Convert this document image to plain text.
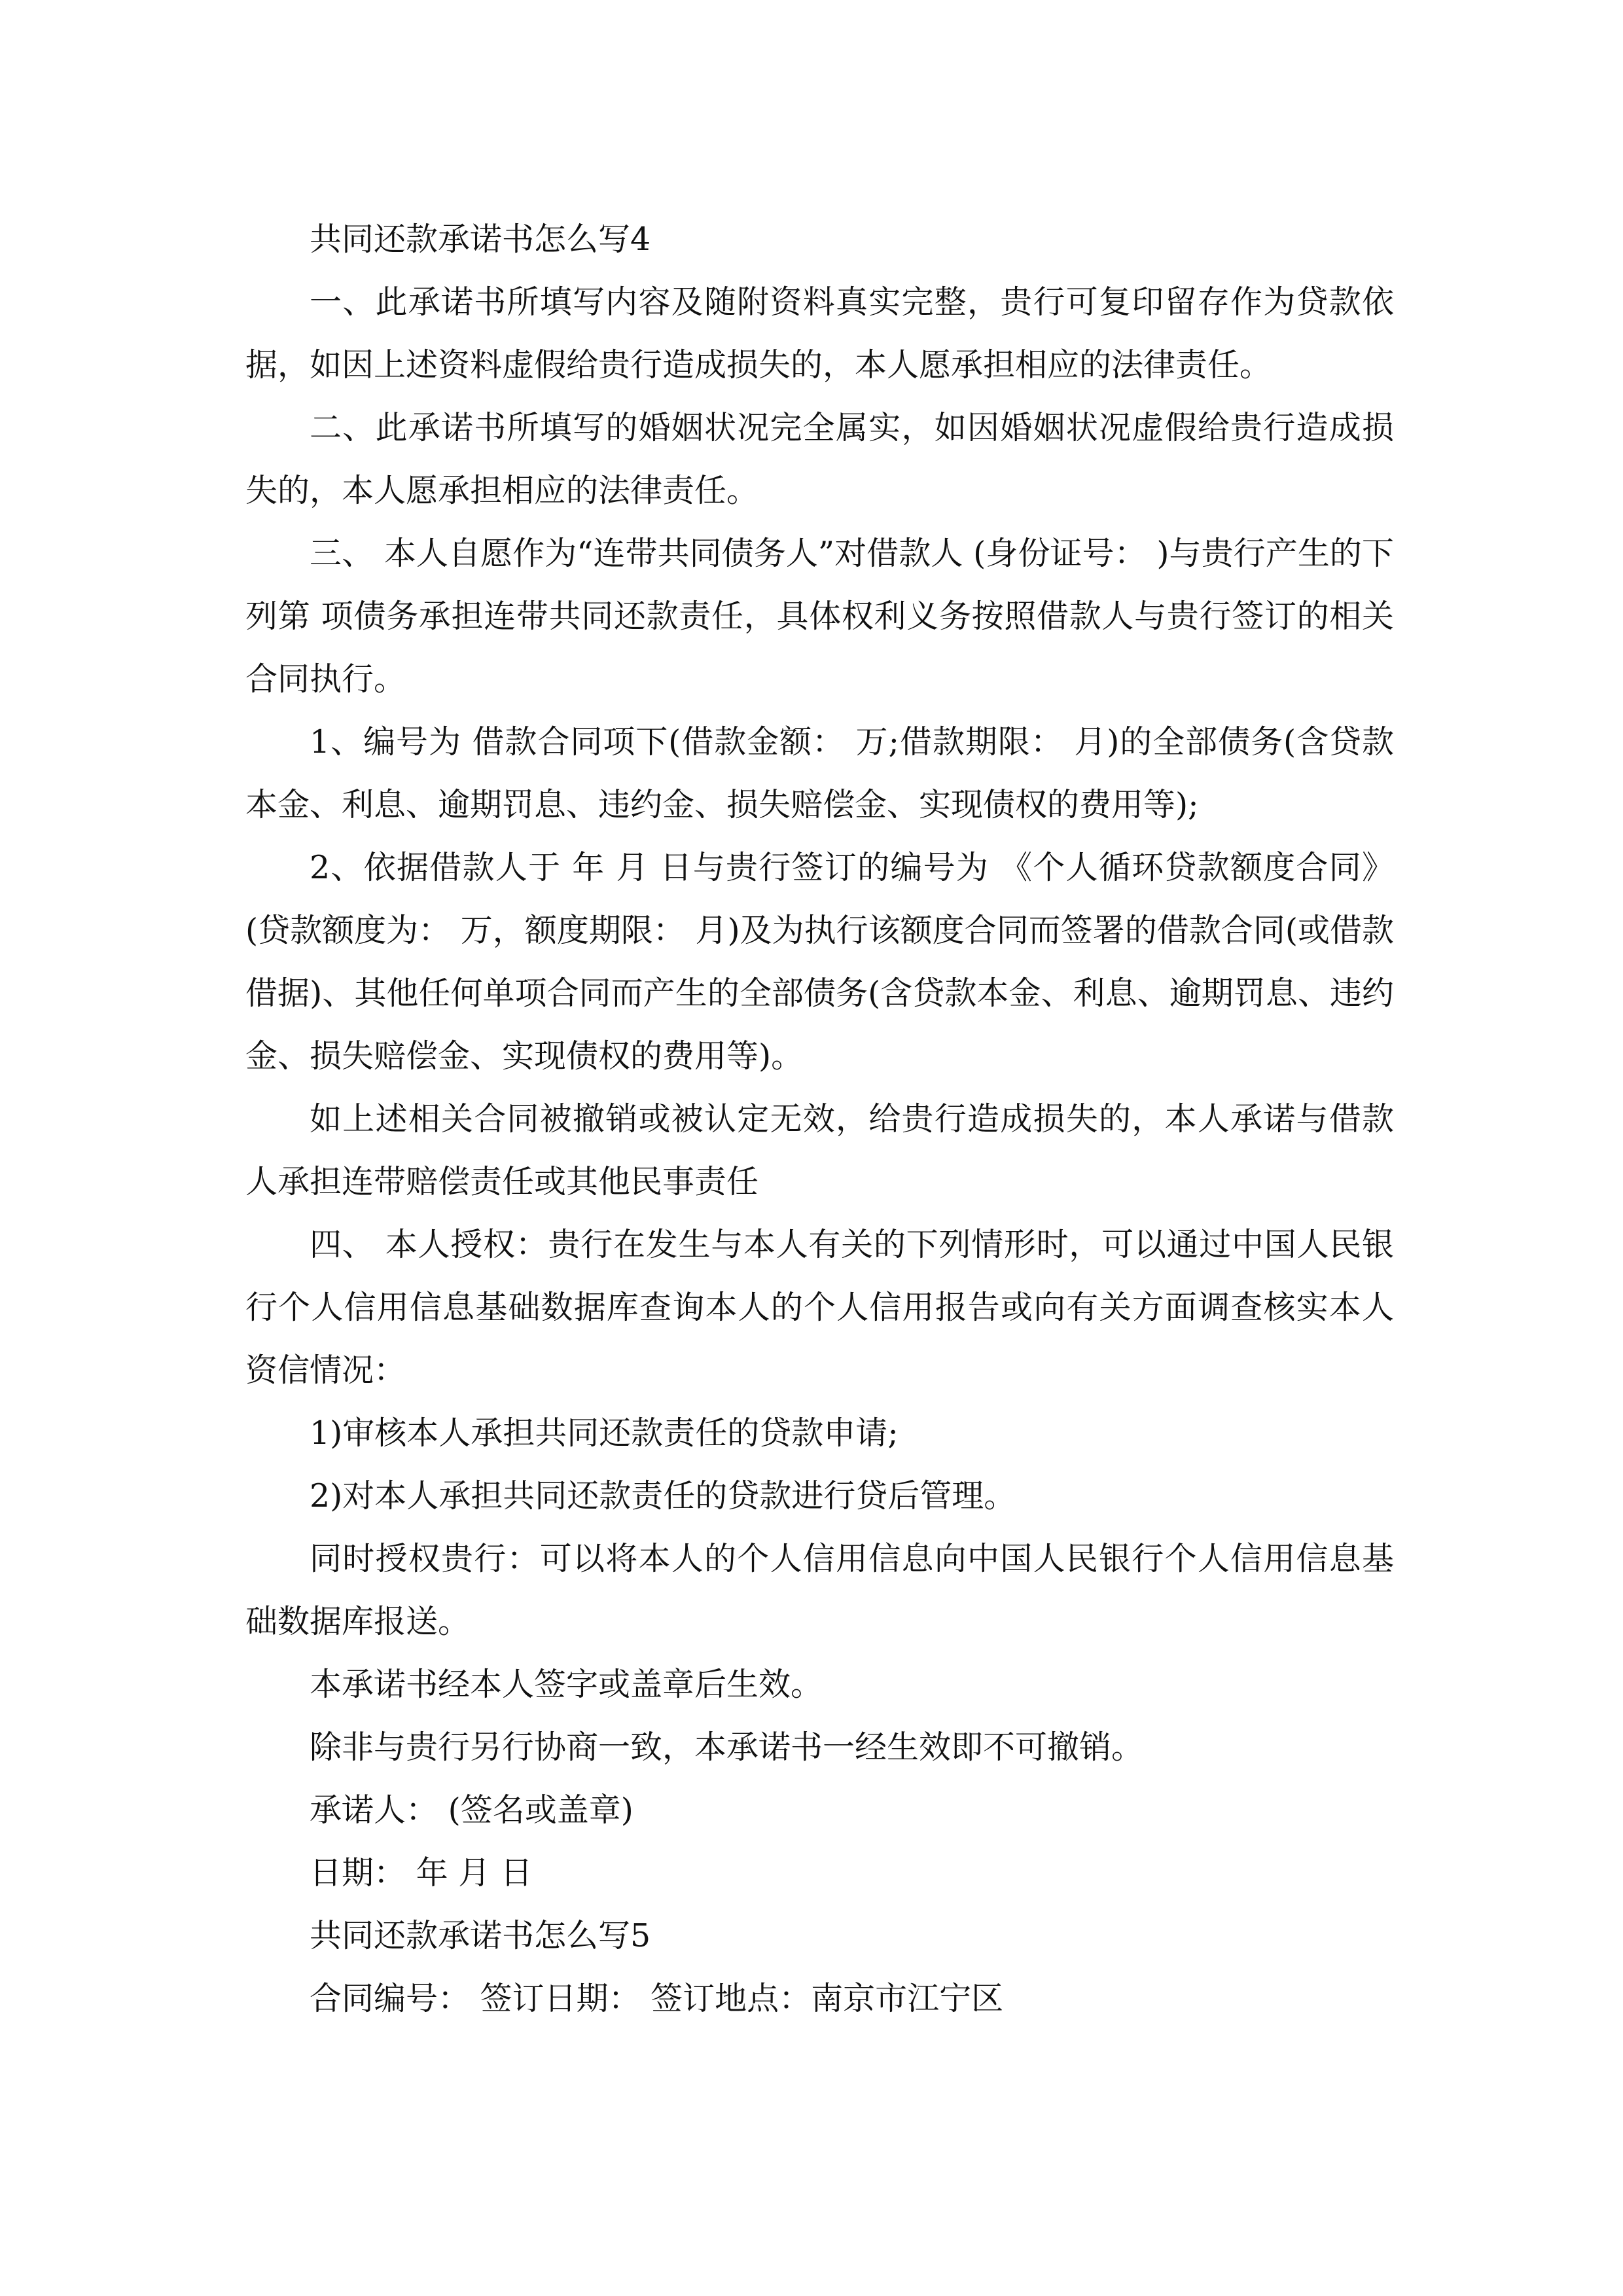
共同还款承诺书怎么写4

一、此承诺书所填写内容及随附资料真实完整，贵行可复印留存作为贷款依据，如因上述资料虚假给贵行造成损失的，本人愿承担相应的法律责任。

二、此承诺书所填写的婚姻状况完全属实，如因婚姻状况虚假给贵行造成损失的，本人愿承担相应的法律责任。

三、 本人自愿作为“连带共同债务人”对借款人 (身份证号： )与贵行产生的下列第 项债务承担连带共同还款责任，具体权利义务按照借款人与贵行签订的相关合同执行。

1、编号为 借款合同项下(借款金额： 万;借款期限： 月)的全部债务(含贷款本金、利息、逾期罚息、违约金、损失赔偿金、实现债权的费用等);

2、依据借款人于 年 月 日与贵行签订的编号为 《个人循环贷款额度合同》(贷款额度为： 万，额度期限： 月)及为执行该额度合同而签署的借款合同(或借款借据)、其他任何单项合同而产生的全部债务(含贷款本金、利息、逾期罚息、违约金、损失赔偿金、实现债权的费用等)。

如上述相关合同被撤销或被认定无效，给贵行造成损失的，本人承诺与借款人承担连带赔偿责任或其他民事责任

四、 本人授权：贵行在发生与本人有关的下列情形时，可以通过中国人民银行个人信用信息基础数据库查询本人的个人信用报告或向有关方面调查核实本人资信情况：

1)审核本人承担共同还款责任的贷款申请;

2)对本人承担共同还款责任的贷款进行贷后管理。

同时授权贵行：可以将本人的个人信用信息向中国人民银行个人信用信息基础数据库报送。

本承诺书经本人签字或盖章后生效。

除非与贵行另行协商一致，本承诺书一经生效即不可撤销。

承诺人： (签名或盖章)

日期： 年 月 日

共同还款承诺书怎么写5

合同编号： 签订日期： 签订地点：南京市江宁区
